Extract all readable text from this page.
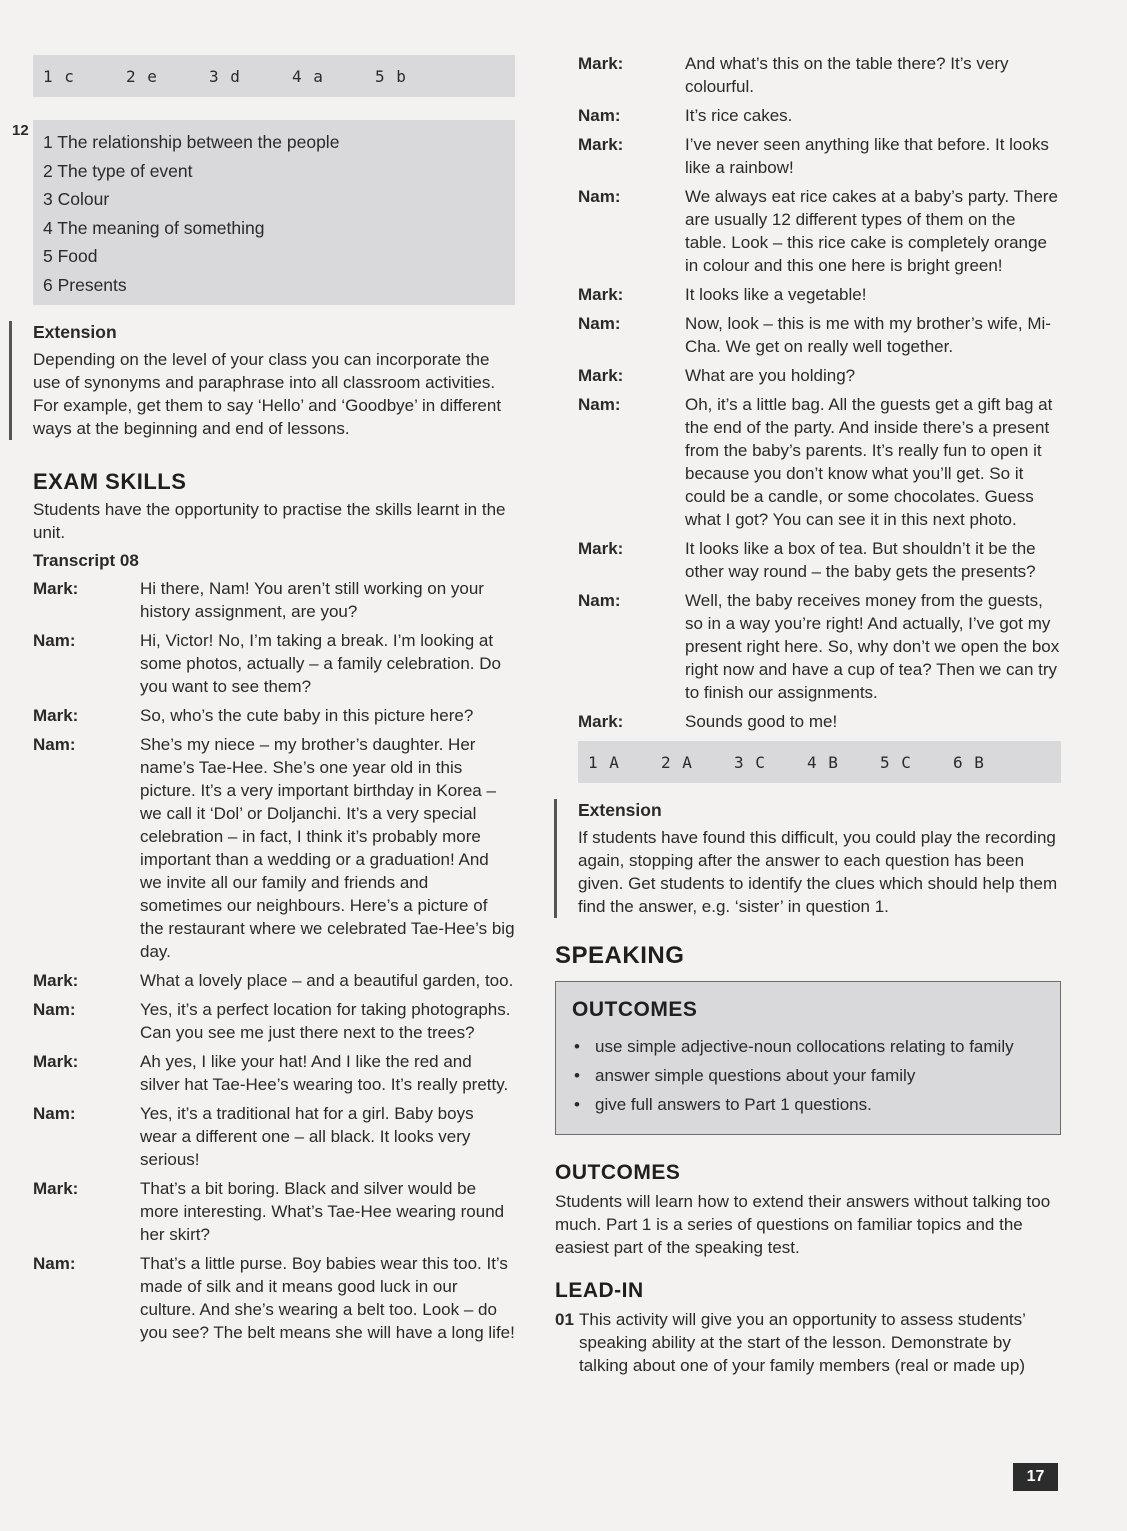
1 c	2 e	3 d	4 a	5 b
1 The relationship between the people
2 The type of event
3 Colour
4 The meaning of something
5 Food
6 Presents
Extension
Depending on the level of your class you can incorporate the use of synonyms and paraphrase into all classroom activities. For example, get them to say ‘Hello’ and ‘Goodbye’ in different ways at the beginning and end of lessons.
EXAM SKILLS
Students have the opportunity to practise the skills learnt in the unit.
Transcript 08
Mark:	Hi there, Nam! You aren’t still working on your history assignment, are you?
Nam:	Hi, Victor! No, I’m taking a break. I’m looking at some photos, actually – a family celebration. Do you want to see them?
Mark:	So, who’s the cute baby in this picture here?
Nam:	She’s my niece – my brother’s daughter. Her name’s Tae-Hee. She’s one year old in this picture. It’s a very important birthday in Korea – we call it ‘Dol’ or Doljanchi. It’s a very special celebration – in fact, I think it’s probably more important than a wedding or a graduation! And we invite all our family and friends and sometimes our neighbours. Here’s a picture of the restaurant where we celebrated Tae-Hee’s big day.
Mark:	What a lovely place – and a beautiful garden, too.
Nam:	Yes, it’s a perfect location for taking photographs. Can you see me just there next to the trees?
Mark:	Ah yes, I like your hat! And I like the red and silver hat Tae-Hee’s wearing too. It’s really pretty.
Nam:	Yes, it’s a traditional hat for a girl. Baby boys wear a different one – all black. It looks very serious!
Mark:	That’s a bit boring. Black and silver would be more interesting. What’s Tae-Hee wearing round her skirt?
Nam:	That’s a little purse. Boy babies wear this too. It’s made of silk and it means good luck in our culture. And she’s wearing a belt too. Look – do you see? The belt means she will have a long life!
12
Mark:	And what’s this on the table there? It’s very colourful.
Nam:	It’s rice cakes.
Mark:	I’ve never seen anything like that before. It looks like a rainbow!
Nam:	We always eat rice cakes at a baby’s party. There are usually 12 different types of them on the table. Look – this rice cake is completely orange in colour and this one here is bright green!
Mark:	It looks like a vegetable!
Nam:	Now, look – this is me with my brother’s wife, Mi-Cha. We get on really well together.
Mark:	What are you holding?
Nam:	Oh, it’s a little bag. All the guests get a gift bag at the end of the party. And inside there’s a present from the baby’s parents. It’s really fun to open it because you don’t know what you’ll get. So it could be a candle, or some chocolates. Guess what I got? You can see it in this next photo.
Mark:	It looks like a box of tea. But shouldn’t it be the other way round – the baby gets the presents?
Nam:	Well, the baby receives money from the guests, so in a way you’re right! And actually, I’ve got my present right here. So, why don’t we open the box right now and have a cup of tea? Then we can try to finish our assignments.
Mark:	Sounds good to me!
1 A	2 A	3 C	4 B	5 C	6 B
Extension
If students have found this difficult, you could play the recording again, stopping after the answer to each question has been given. Get students to identify the clues which should help them find the answer, e.g. ‘sister’ in question 1.
SPEAKING
OUTCOMES
• use simple adjective-noun collocations relating to family
• answer simple questions about your family
• give full answers to Part 1 questions.
OUTCOMES
Students will learn how to extend their answers without talking too much. Part 1 is a series of questions on familiar topics and the easiest part of the speaking test.
LEAD-IN
01 This activity will give you an opportunity to assess students’ speaking ability at the start of the lesson. Demonstrate by talking about one of your family members (real or made up)
17
